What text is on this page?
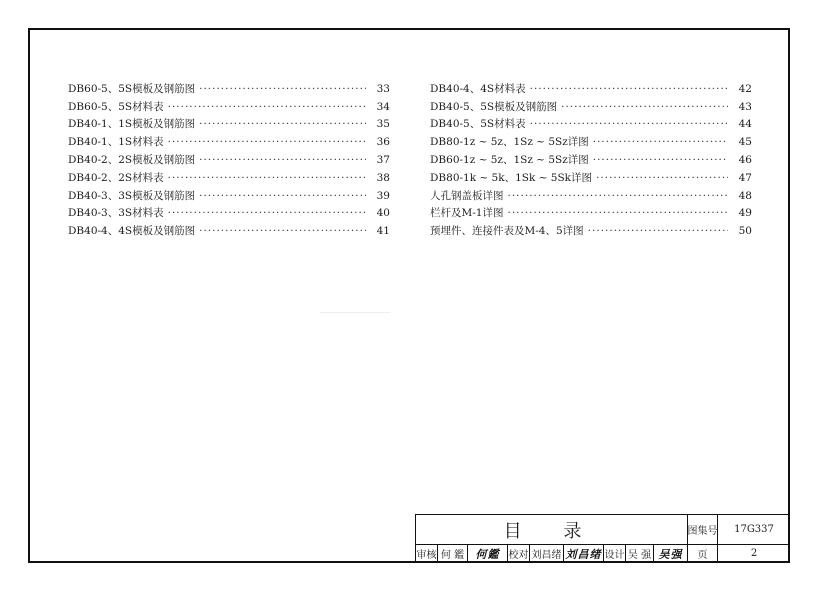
DB60-5、5S模板及钢筋图 ·····	33
DB60-5、5S材料表 ·····	34
DB40-1、1S模板及钢筋图 ·····	35
DB40-1、1S材料表 ·····	36
DB40-2、2S模板及钢筋图 ·····	37
DB40-2、2S材料表 ·····	38
DB40-3、3S模板及钢筋图 ·····	39
DB40-3、3S材料表 ·····	40
DB40-4、4S模板及钢筋图 ·····	41
DB40-4、4S材料表 ·····	42
DB40-5、5S模板及钢筋图 ·····	43
DB40-5、5S材料表 ·····	44
DB80-1z ~ 5z、1Sz ~ 5Sz详图 ·····	45
DB60-1z ~ 5z、1Sz ~ 5Sz详图 ·····	46
DB80-1k ~ 5k、1Sk ~ 5Sk详图 ·····	47
人孔钢盖板详图 ·····	48
栏杆及M-1详图 ·····	49
预埋件、连接件表及M-4、5详图 ·····	50
目 录	图集号	17G337
审核 何 鑑	何鑑 校对 刘昌绪 刘昌绪 设计 吴 强 吴强	页	2
